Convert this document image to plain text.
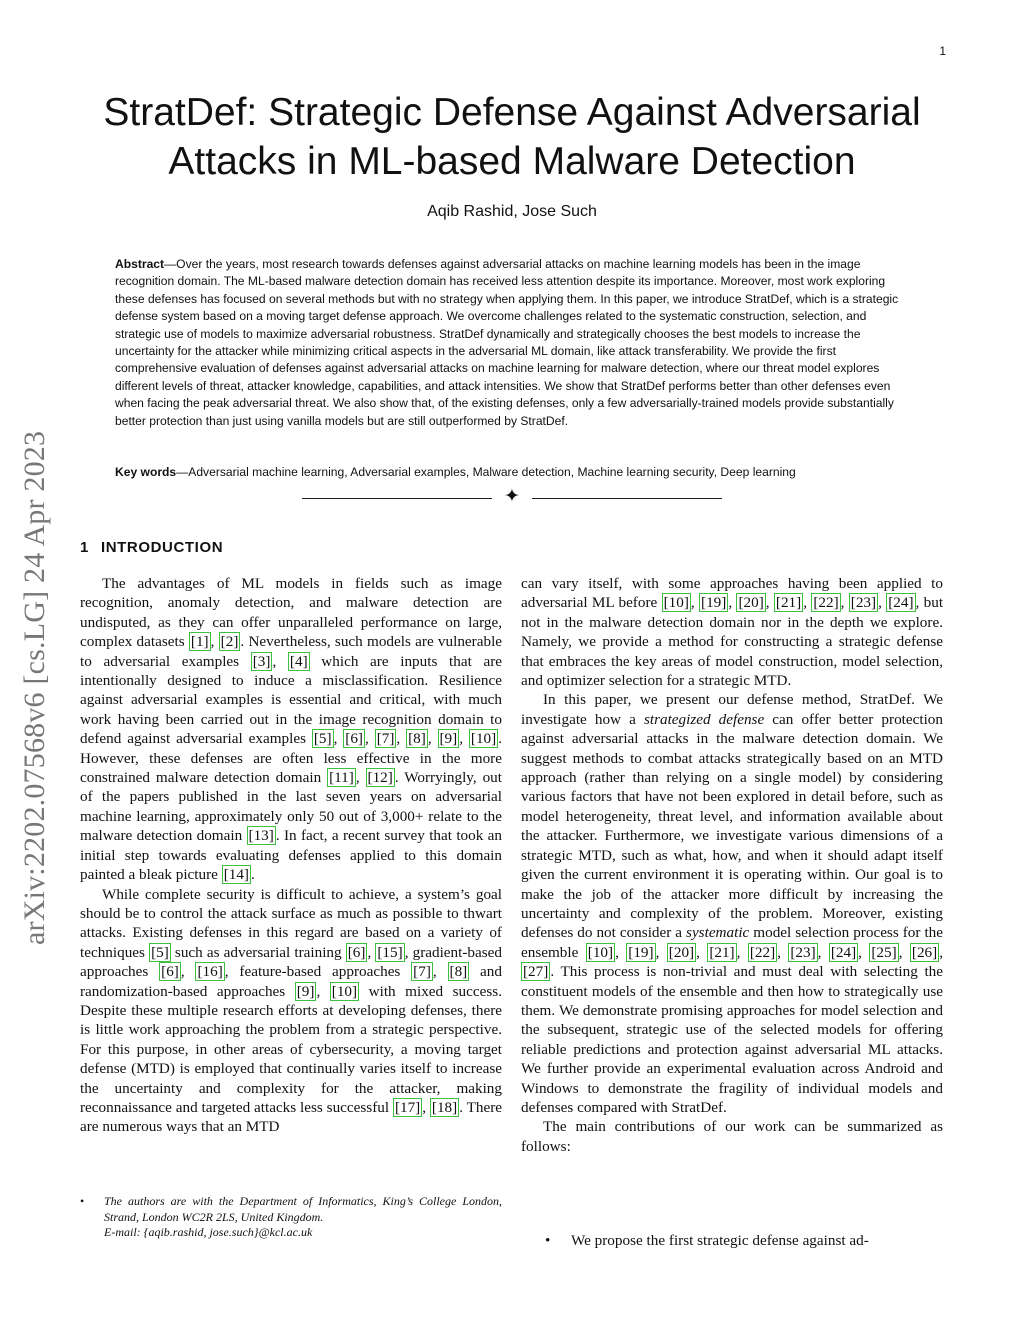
1
arXiv:2202.07568v6 [cs.LG] 24 Apr 2023
StratDef: Strategic Defense Against Adversarial
Attacks in ML-based Malware Detection
Aqib Rashid, Jose Such

Abstract—Over the years, most research towards defenses against adversarial attacks on machine learning models has been in the image recognition domain. The ML-based malware detection domain has received less attention despite its importance. Moreover, most work exploring these defenses has focused on several methods but with no strategy when applying them. In this paper, we introduce StratDef, which is a strategic defense system based on a moving target defense approach. We overcome challenges related to the systematic construction, selection, and strategic use of models to maximize adversarial robustness. StratDef dynamically and strategically chooses the best models to increase the uncertainty for the attacker while minimizing critical aspects in the adversarial ML domain, like attack transferability. We provide the first comprehensive evaluation of defenses against adversarial attacks on machine learning for malware detection, where our threat model explores different levels of threat, attacker knowledge, capabilities, and attack intensities. We show that StratDef performs better than other defenses even when facing the peak adversarial threat. We also show that, of the existing defenses, only a few adversarially-trained models provide substantially better protection than just using vanilla models but are still outperformed by StratDef.

Key words—Adversarial machine learning, Adversarial examples, Malware detection, Machine learning security, Deep learning

✦
1 INTRODUCTION

The advantages of ML models in fields such as image recognition, anomaly detection, and malware detection are undisputed, as they can offer unparalleled performance on large, complex datasets [1] , [2] . Nevertheless, such models are vulnerable to adversarial examples [3] , [4] which are inputs that are intentionally designed to induce a misclassification. Resilience against adversarial examples is essential and critical, with much work having been carried out in the image recognition domain to defend against adversarial examples [5] , [6] , [7] , [8] , [9] , [10] . However, these defenses are often less effective in the more constrained malware detection domain [11] , [12] . Worryingly, out of the papers published in the last seven years on adversarial machine learning, approximately only 50 out of 3,000+ relate to the malware detection domain [13] . In fact, a recent survey that took an initial step towards evaluating defenses applied to this domain painted a bleak picture [14] .

While complete security is difficult to achieve, a system’s goal should be to control the attack surface as much as possible to thwart attacks. Existing defenses in this regard are based on a variety of techniques [5] such as adversarial training [6] , [15] , gradient-based approaches [6] , [16] , feature-based approaches [7] , [8] and randomization-based approaches [9] , [10] with mixed success. Despite these multiple research efforts at developing defenses, there is little work approaching the problem from a strategic perspective. For this purpose, in other areas of cybersecurity, a moving target defense (MTD) is employed that continually varies itself to increase the uncertainty and complexity for the attacker, making reconnaissance and targeted attacks less successful [17] , [18] . There are numerous ways that an MTD

can vary itself, with some approaches having been applied to adversarial ML before [10] , [19] , [20] , [21] , [22] , [23] , [24] , but not in the malware detection domain nor in the depth we explore. Namely, we provide a method for constructing a strategic defense that embraces the key areas of model construction, model selection, and optimizer selection for a strategic MTD.

In this paper, we present our defense method, StratDef. We investigate how a strategized defense can offer better protection against adversarial attacks in the malware detection domain. We suggest methods to combat attacks strategically based on an MTD approach (rather than relying on a single model) by considering various factors that have not been explored in detail before, such as model heterogeneity, threat level, and information available about the attacker. Furthermore, we investigate various dimensions of a strategic MTD, such as what, how, and when it should adapt itself given the current environment it is operating within. Our goal is to make the job of the attacker more difficult by increasing the uncertainty and complexity of the problem. Moreover, existing defenses do not consider a systematic model selection process for the ensemble [10] , [19] , [20] , [21] , [22] , [23] , [24] , [25] , [26] , [27] . This process is non-trivial and must deal with selecting the constituent models of the ensemble and then how to strategically use them. We demonstrate promising approaches for model selection and the subsequent, strategic use of the selected models for offering reliable predictions and protection against adversarial ML attacks. We further provide an experimental evaluation across Android and Windows to demonstrate the fragility of individual models and defenses compared with StratDef.

The main contributions of our work can be summarized as follows:

• We propose the first strategic defense against ad-
• The authors are with the Department of Informatics, King’s College London, Strand, London WC2R 2LS, United Kingdom.
E-mail: {aqib.rashid, jose.such}@kcl.ac.uk
